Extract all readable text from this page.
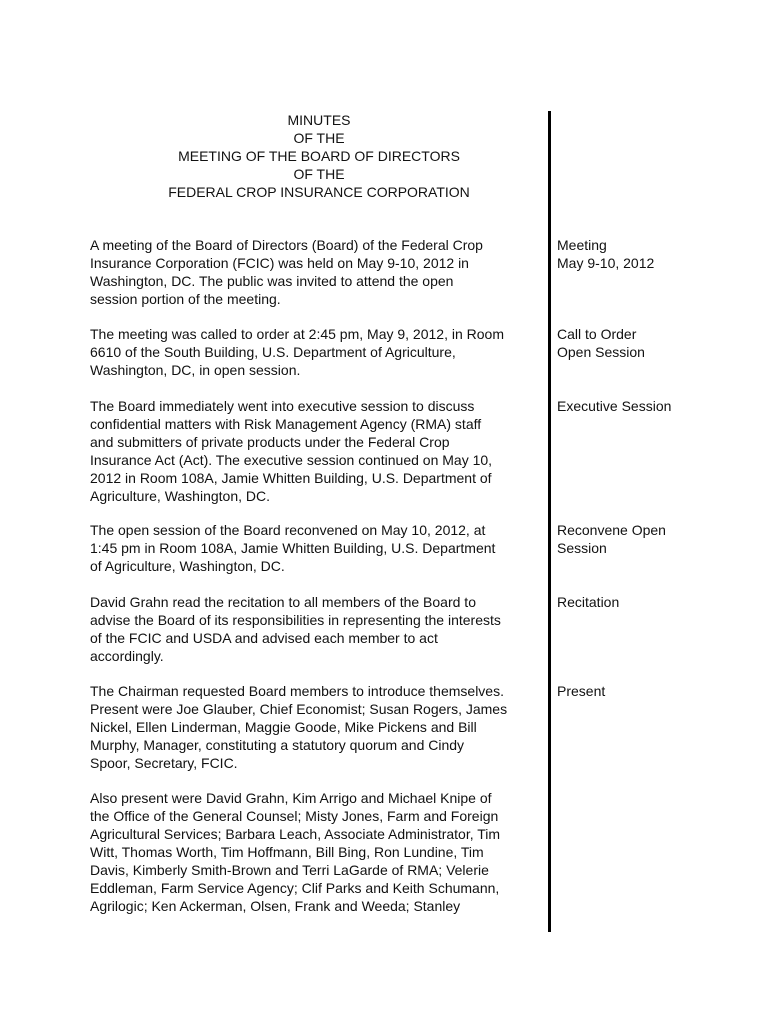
MINUTES
OF THE
MEETING OF THE BOARD OF DIRECTORS
OF THE
FEDERAL CROP INSURANCE CORPORATION
A meeting of the Board of Directors (Board) of the Federal Crop
Insurance Corporation (FCIC) was held on May 9-10, 2012 in
Washington, DC. The public was invited to attend the open
session portion of the meeting.
Meeting
May 9-10, 2012
The meeting was called to order at 2:45 pm, May 9, 2012, in Room
6610 of the South Building, U.S. Department of Agriculture,
Washington, DC, in open session.
Call to Order
Open Session
The Board immediately went into executive session to discuss
confidential matters with Risk Management Agency (RMA) staff
and submitters of private products under the Federal Crop
Insurance Act (Act). The executive session continued on May 10,
2012 in Room 108A, Jamie Whitten Building, U.S. Department of
Agriculture, Washington, DC.
Executive Session
The open session of the Board reconvened on May 10, 2012, at
1:45 pm in Room 108A, Jamie Whitten Building, U.S. Department
of Agriculture, Washington, DC.
Reconvene Open
Session
David Grahn read the recitation to all members of the Board to
advise the Board of its responsibilities in representing the interests
of the FCIC and USDA and advised each member to act
accordingly.
Recitation
The Chairman requested Board members to introduce themselves.
Present were Joe Glauber, Chief Economist; Susan Rogers, James
Nickel, Ellen Linderman, Maggie Goode, Mike Pickens and Bill
Murphy, Manager, constituting a statutory quorum and Cindy
Spoor, Secretary, FCIC.
Present
Also present were David Grahn, Kim Arrigo and Michael Knipe of
the Office of the General Counsel; Misty Jones, Farm and Foreign
Agricultural Services; Barbara Leach, Associate Administrator, Tim
Witt, Thomas Worth, Tim Hoffmann, Bill Bing, Ron Lundine, Tim
Davis, Kimberly Smith-Brown and Terri LaGarde of RMA; Velerie
Eddleman, Farm Service Agency; Clif Parks and Keith Schumann,
Agrilogic; Ken Ackerman, Olsen, Frank and Weeda; Stanley
